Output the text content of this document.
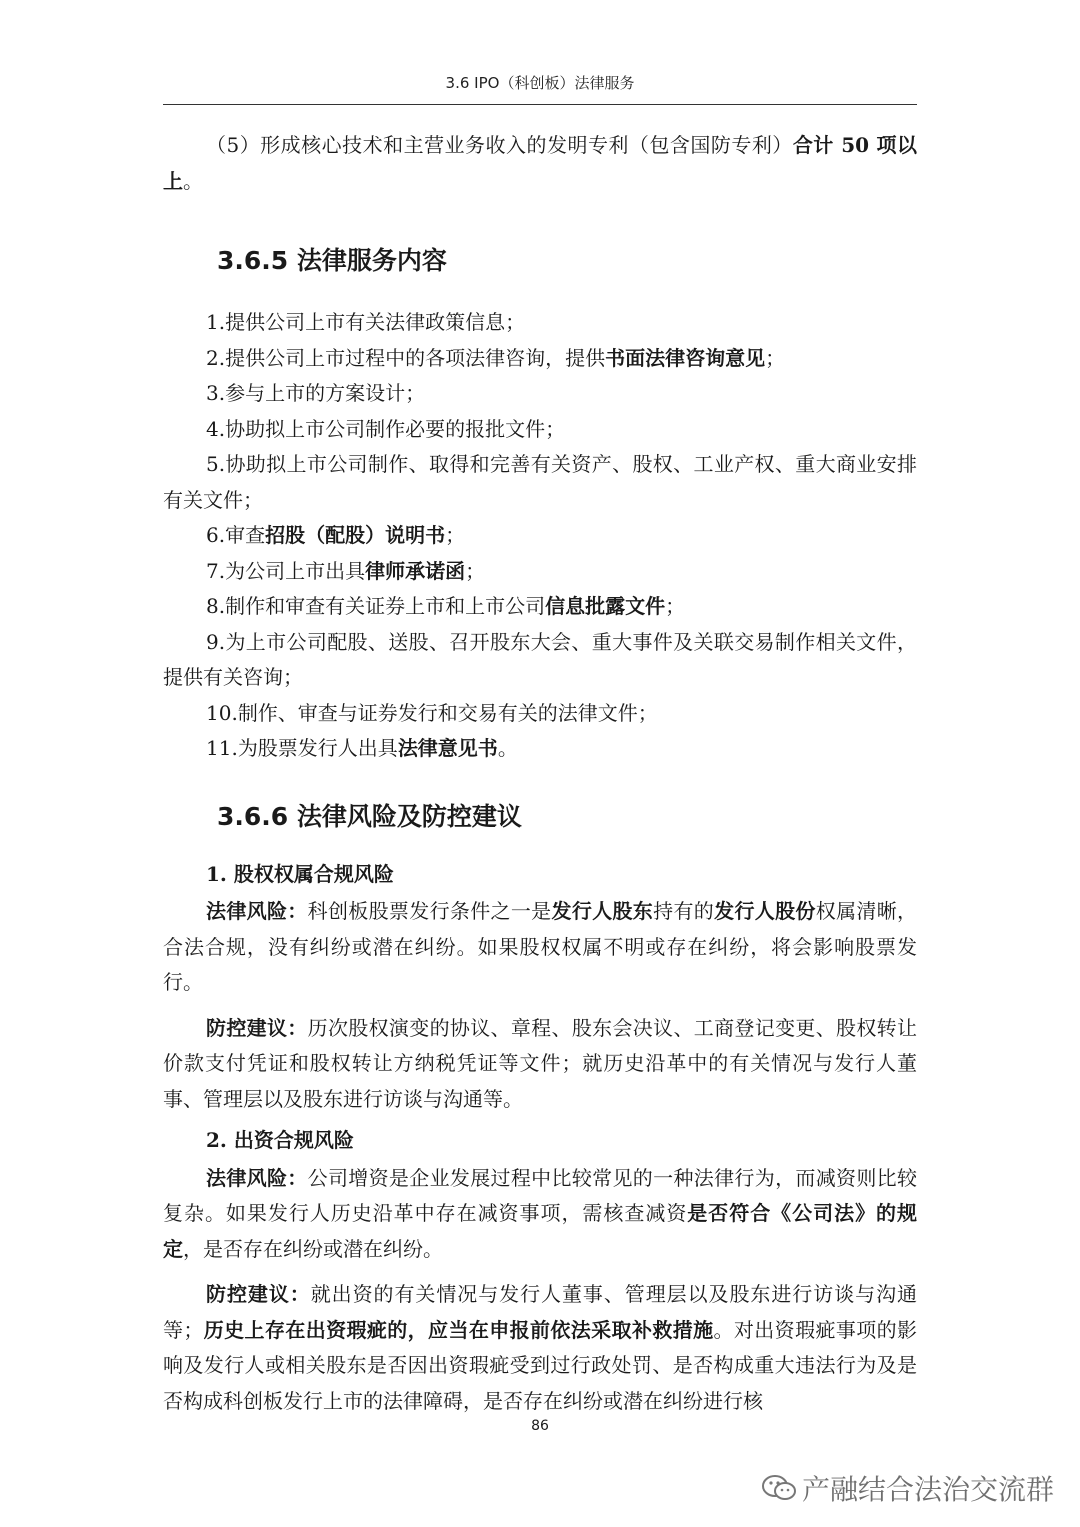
3.6 IPO（科创板）法律服务

（5）形成核心技术和主营业务收入的发明专利（包含国防专利）合计 50 项以上。

3.6.5 法律服务内容

1.提供公司上市有关法律政策信息；

2.提供公司上市过程中的各项法律咨询，提供书面法律咨询意见；

3.参与上市的方案设计；

4.协助拟上市公司制作必要的报批文件；

5.协助拟上市公司制作、取得和完善有关资产、股权、工业产权、重大商业安排有关文件；

6.审查招股（配股）说明书；

7.为公司上市出具律师承诺函；

8.制作和审查有关证券上市和上市公司信息批露文件；

9.为上市公司配股、送股、召开股东大会、重大事件及关联交易制作相关文件，提供有关咨询；

10.制作、审查与证券发行和交易有关的法律文件；

11.为股票发行人出具法律意见书。

3.6.6 法律风险及防控建议

1. 股权权属合规风险

法律风险：科创板股票发行条件之一是发行人股东持有的发行人股份权属清晰，合法合规，没有纠纷或潜在纠纷。如果股权权属不明或存在纠纷，将会影响股票发行。

防控建议：历次股权演变的协议、章程、股东会决议、工商登记变更、股权转让价款支付凭证和股权转让方纳税凭证等文件；就历史沿革中的有关情况与发行人董事、管理层以及股东进行访谈与沟通等。

2. 出资合规风险

法律风险：公司增资是企业发展过程中比较常见的一种法律行为，而减资则比较复杂。如果发行人历史沿革中存在减资事项，需核查减资是否符合《公司法》的规定，是否存在纠纷或潜在纠纷。

防控建议：就出资的有关情况与发行人董事、管理层以及股东进行访谈与沟通等；历史上存在出资瑕疵的，应当在申报前依法采取补救措施。对出资瑕疵事项的影响及发行人或相关股东是否因出资瑕疵受到过行政处罚、是否构成重大违法行为及是否构成科创板发行上市的法律障碍，是否存在纠纷或潜在纠纷进行核

86
产融结合法治交流群
